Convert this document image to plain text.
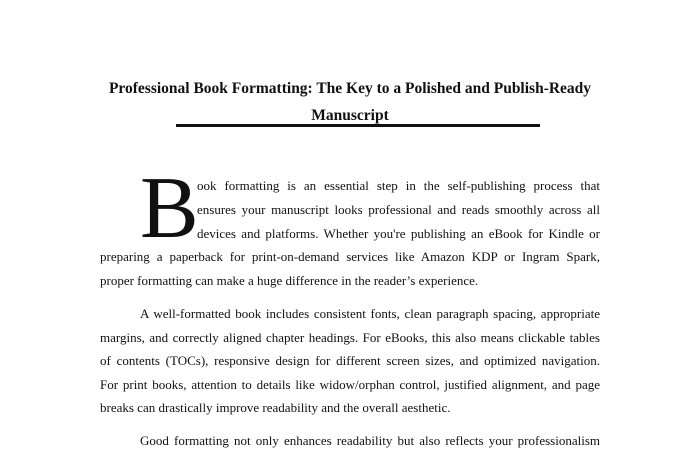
Professional Book Formatting: The Key to a Polished and Publish-Ready
Manuscript
B
ook formatting is an essential step in the self-publishing process that
ensures your manuscript looks professional and reads smoothly across all
devices and platforms. Whether you're publishing an eBook for Kindle or
preparing a paperback for print-on-demand services like Amazon KDP or Ingram Spark,
proper formatting can make a huge difference in the reader’s experience.
A well-formatted book includes consistent fonts, clean paragraph spacing, appropriate
margins, and correctly aligned chapter headings. For eBooks, this also means clickable tables
of contents (TOCs), responsive design for different screen sizes, and optimized navigation.
For print books, attention to details like widow/orphan control, justified alignment, and page
breaks can drastically improve readability and the overall aesthetic.
Good formatting not only enhances readability but also reflects your professionalism
